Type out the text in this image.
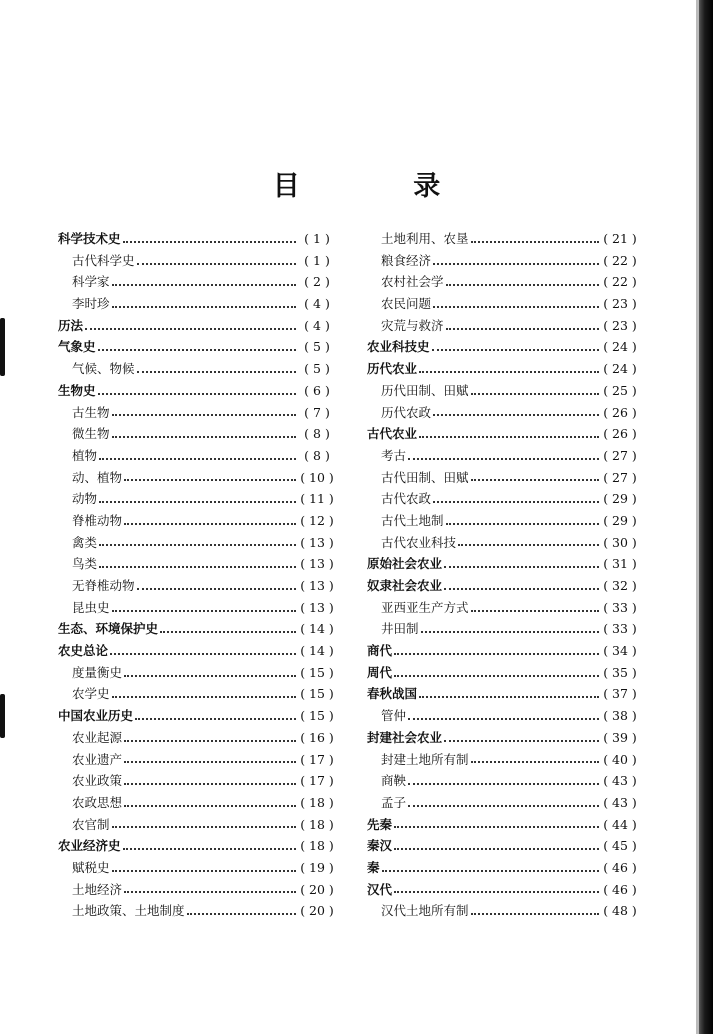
目 录
科学技术史	( 1 )
古代科学史	( 1 )
科学家	( 2 )
李时珍	( 4 )
历法	( 4 )
气象史	( 5 )
气候、物候	( 5 )
生物史	( 6 )
古生物	( 7 )
微生物	( 8 )
植物	( 8 )
动、植物	( 10 )
动物	( 11 )
脊椎动物	( 12 )
禽类	( 13 )
鸟类	( 13 )
无脊椎动物	( 13 )
昆虫史	( 13 )
生态、环境保护史	( 14 )
农史总论	( 14 )
度量衡史	( 15 )
农学史	( 15 )
中国农业历史	( 15 )
农业起源	( 16 )
农业遗产	( 17 )
农业政策	( 17 )
农政思想	( 18 )
农官制	( 18 )
农业经济史	( 18 )
赋税史	( 19 )
土地经济	( 20 )
土地政策、土地制度	( 20 )
土地利用、农垦	( 21 )
粮食经济	( 22 )
农村社会学	( 22 )
农民问题	( 23 )
灾荒与救济	( 23 )
农业科技史	( 24 )
历代农业	( 24 )
历代田制、田赋	( 25 )
历代农政	( 26 )
古代农业	( 26 )
考古	( 27 )
古代田制、田赋	( 27 )
古代农政	( 29 )
古代土地制	( 29 )
古代农业科技	( 30 )
原始社会农业	( 31 )
奴隶社会农业	( 32 )
亚西亚生产方式	( 33 )
井田制	( 33 )
商代	( 34 )
周代	( 35 )
春秋战国	( 37 )
管仲	( 38 )
封建社会农业	( 39 )
封建土地所有制	( 40 )
商鞅	( 43 )
孟子	( 43 )
先秦	( 44 )
秦汉	( 45 )
秦	( 46 )
汉代	( 46 )
汉代土地所有制	( 48 )
